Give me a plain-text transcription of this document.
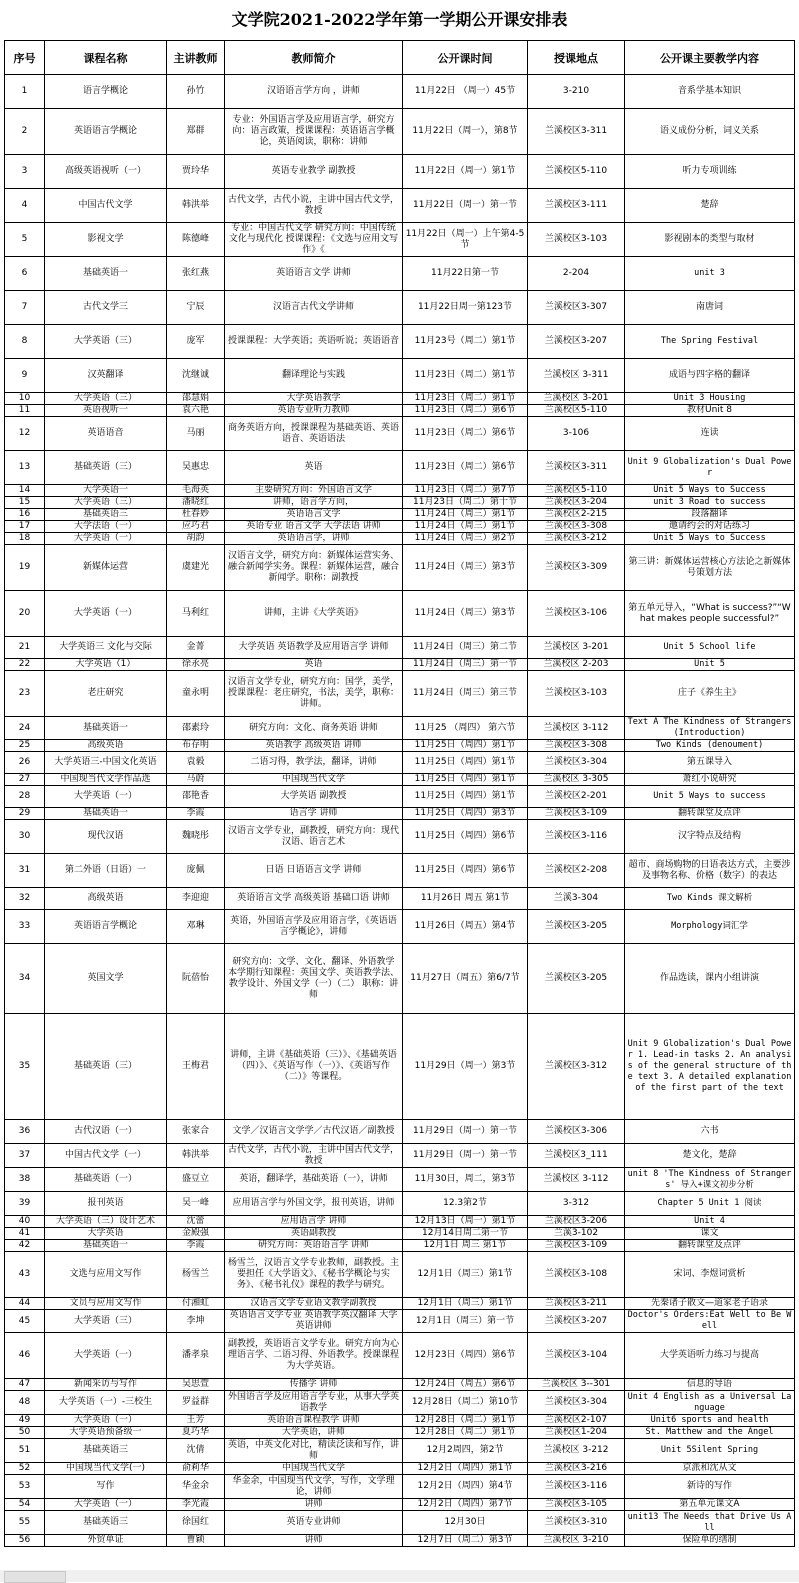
文学院2021-2022学年第一学期公开课安排表
序号	课程名称	主讲教师	教师简介	公开课时间	授课地点	公开课主要教学内容
1	语言学概论	孙竹	汉语语言学方向 ，讲师	11月22日 （周一）45节	3-210	音系学基本知识
2	英语语言学概论	郑群	专业：外国语言学及应用语言学，研究方向：语言政策，授课课程：英语语言学概论，英语阅读，职称：讲师	11月22日（周一），第8节	兰溪校区3-311	语义成份分析，词义关系
3	高级英语视听（一）	贾玲华	英语专业教学 副教授	11月22日（周一）第1节	兰溪校区5-110	听力专项训练
4	中国古代文学	韩洪举	古代文学，古代小说，主讲中国古代文学，教授	11月22日（周一）第一节	兰溪校区3-111	楚辞
5	影视文学	陈德峰	专业：中国古代文学 研究方向：中国传统文化与现代化 授课课程：《文选与应用文写作》《	11月22日（周一）上午第4-5节	兰溪校区3-103	影视剧本的类型与取材
6	基础英语一	张红燕	英语语言文学 讲师	11月22日第一节	2-204	unit 3
7	古代文学三	宁辰	汉语言古代文学讲师	11月22日周一第123节	兰溪校区3-307	南唐词
8	大学英语（三）	庞军	授课课程：大学英语；英语听说；英语语音	11月23号（周二）第1节	兰溪校区3-207	The Spring Festival
9	汉英翻译	沈继诚	翻译理论与实践	11月23日（周二）第1节	兰溪校区 3-311	成语与四字格的翻译
10	大学英语（三）	邵慧娟	大学英语教学	11月23日（周二）第1节	兰溪校区 3-201	Unit 3 Housing
11	英语视听一	袁六艳	英语专业听力教师	11月23日（周二）第6节	兰溪校区5-110	教材Unit 8
12	英语语音	马丽	商务英语方向，授课课程为基础英语、英语语音、英语语法	11月23日（周二）第6节	3-106	连读
13	基础英语（三）	吴惠忠	英语	11月23日（周二）第6节	兰溪校区3-311	Unit 9 Globalization's Dual Power
14	大学英语一	毛海英	主要研究方向：外国语言文学	11月23日（周二）第7节	兰溪校区5-110	Unit 5 Ways to Success
15	大学英语（三）	潘晓红	讲师，语言学方向，	11月23日（周二）第十节	兰溪校区3-204	unit 3 Road to success
16	基础英语三	杜春妙	英语语言文学	11月24日（周三）第1节	兰溪校区2-215	段落翻译
17	大学法语（一）	应巧君	英语专业 语言文学 大学法语 讲师	11月24日（周三）第1节	兰溪校区3-308	邀请约会的对话练习
18	大学英语（一）	胡韵	英语语言学，讲师	11月24日（周三）第2节	兰溪校区3-212	Unit 5 Ways to Success
19	新媒体运营	虞建光	汉语言文学，研究方向：新媒体运营实务、融合新闻学实务。课程：新媒体运营，融合新闻学。职称：副教授	11月24日（周三）第3节	兰溪校区3-309	第三讲：新媒体运营核心方法论之新媒体号策划方法
20	大学英语（一）	马利红	讲师，主讲《大学英语》	11月24日（周三）第3节	兰溪校区3-106	第五单元导入，“What is success?”“What makes people successful?”
21	大学英语三 文化与交际	金菁	大学英语 英语教学及应用语言学 讲师	11月24日（周三）第二节	兰溪校区 3-201	Unit 5 School life
22	大学英语（1）	徐永亮	英语	11月24日（周三）第一节	兰溪校区 2-203	Unit 5
23	老庄研究	童永明	汉语言文学专业，研究方向：国学，美学，授课课程：老庄研究，书法，美学，职称：讲师。	11月24日（周三）第三节	兰溪校区3-103	庄子《养生主》
24	基础英语一	邵素玲	研究方向：文化、商务英语 讲师	11月25 （周四） 第六节	兰溪校区 3-112	Text A The Kindness of Strangers (Introduction)
25	高级英语	布存明	英语教学 高级英语 讲师	11月25日（周四）第1节	兰溪校区3-308	Two Kinds (denoument)
26	大学英语三-中国文化英语	袁毅	二语习得，教学法，翻译，讲师	11月25日（周四）第1节	兰溪校区3-304	第五课导入
27	中国现当代文学作品选	马蔚	中国现当代文学	11月25日（周四）第1节	兰溪校区 3-305	萧红小说研究
28	大学英语（一）	邵艳香	大学英语 副教授	11月25日（周四）第1节	兰溪校区2-201	Unit 5 Ways to success
29	基础英语一	李霞	语言学 讲师	11月25日（周四）第3节	兰溪校区3-109	翻转课堂及点评
30	现代汉语	魏晓彤	汉语言文学专业，副教授，研究方向：现代汉语、语言艺术	11月25日（周四）第6节	兰溪校区3-116	汉字特点及结构
31	第二外语（日语）一	庞佩	日语 日语语言文学 讲师	11月25日（周四）第6节	兰溪校区2-208	超市、商场购物的日语表达方式，主要涉及事物名称、价格（数字）的表达
32	高级英语	李迎迎	英语语言文学 高级英语 基础口语 讲师	11月26日 周五 第1节	兰溪3-304	Two Kinds 课文解析
33	英语语言学概论	邓琳	英语，外国语言学及应用语言学，《英语语言学概论》，讲师	11月26日（周五）第4节	兰溪校区3-205	Morphology词汇学
34	英国文学	阮蓓怡	研究方向：文学、文化、翻译、外语教学 本学期行知课程：英国文学、英语教学法、教学设计、外国文学（一）（二） 职称：讲师	11月27日（周五）第6/7节	兰溪校区3-205	作品选读，课内小组讲演
35	基础英语（三）	王梅君	讲师，主讲《基础英语（三）》、《基础英语（四）》、《英语写作（一）》、《英语写作（二）》等课程。	11月29日（周一）第3节	兰溪校区3-312	Unit 9 Globalization's Dual Power 1. Lead-in tasks 2. An analysis of the general structure of the text 3. A detailed explanation of the first part of the text
36	古代汉语（一）	张家合	文学／汉语言文学学／古代汉语／副教授	11月29日（周一）第一节	兰溪校区3-306	六书
37	中国古代文学（一）	韩洪举	古代文学，古代小说，主讲中国古代文学，教授	11月29日（周一）第一节	兰溪校区3_111	楚文化，楚辞
38	基础英语（一）	盛豆立	英语，翻译学，基础英语（一），讲师	11月30日，周二，第3节	兰溪校区 3-112	unit 8 'The Kindness of Strangers' 导入+课文初步分析
39	报刊英语	吴一峰	应用语言学与外国文学，报刊英语，讲师	12.3第2节	3-312	Chapter 5 Unit 1 阅读
40	大学英语（三）设计艺术	沈蕾	应用语言学 讲师	12月13日（周一）第1节	兰溪校区3-206	Unit 4
41	大学英语	金殿强	英语副教授	12月14日周二第一节	兰溪3-102	课文
42	基础英语一	李霞	研究方向：英语语言学 讲师	12月1日 周三 第1节	兰溪校区3-109	翻转课堂及点评
43	文选与应用文写作	杨雪兰	杨雪兰，汉语言文学专业教师，副教授。主要担任《大学语文》、《秘书学概论与实务》、《秘书礼仪》课程的教学与研究。	12月1日（周三）第1节	兰溪校区3-108	宋词、李煜词赏析
44	文员与应用文写作	付湘虹	汉语言文学专业语文教学副教授	12月1日（周三）第1节	兰溪校区3-211	先秦诸子散文—道家老子语录
45	大学英语（三）	李坤	英语语言文学专业 英语教学英汉翻译 大学英语讲师	12月1日（周三）第一节	兰溪校区3-207	Doctor's Orders:Eat Well to Be Well
46	大学英语（一）	潘孝泉	副教授，英语语言文学专业。研究方向为心理语言学、二语习得、外语教学。授课课程为大学英语。	12月23日（周四）第6节	兰溪校区3-104	大学英语听力练习与提高
47	新闻采访与写作	吴思萱	传播学 讲师	12月24日（周五）第6节	兰溪校区 3--301	信息的导语
48	大学英语（一）-三校生	罗益群	外国语言学及应用语言学专业，从事大学英语教学	12月28日（周二）第10节	兰溪校区3-304	Unit 4 English as a Universal Language
49	大学英语（一）	王芳	英语语言课程教学 讲师	12月28日（周二）第1节	兰溪校区2-107	Unit6 sports and health
50	大学英语预备级一	夏巧华	大学英语，讲师	12月28日（周二）第1节	兰溪校区1-204	St. Matthew and the Angel
51	基础英语三	沈倩	英语，中英文化对比，精读泛读和写作，讲师	12月2周四，第2节	兰溪校区 3-212	Unit 5Silent Spring
52	中国现当代文学(一)	俞莉华	中国现当代文学	12月2日（周四）第1节	兰溪校区3-216	京派和沈从文
53	写作	华金余	华金余，中国现当代文学，写作，文学理论，讲师	12月2日（周四）第4节	兰溪校区3-116	新诗的写作
54	大学英语（一）	李光霞	讲师	12月2日（周四）第7节	兰溪校区3-105	第五单元课文A
55	基础英语三	徐国红	英语专业讲师	12月30日	兰溪校区3-310	unit13 The Needs that Drive Us All
56	外贸单证	曹颖	讲师	12月7日（周二）第3节	兰溪校区 3-210	保险单的缮制
